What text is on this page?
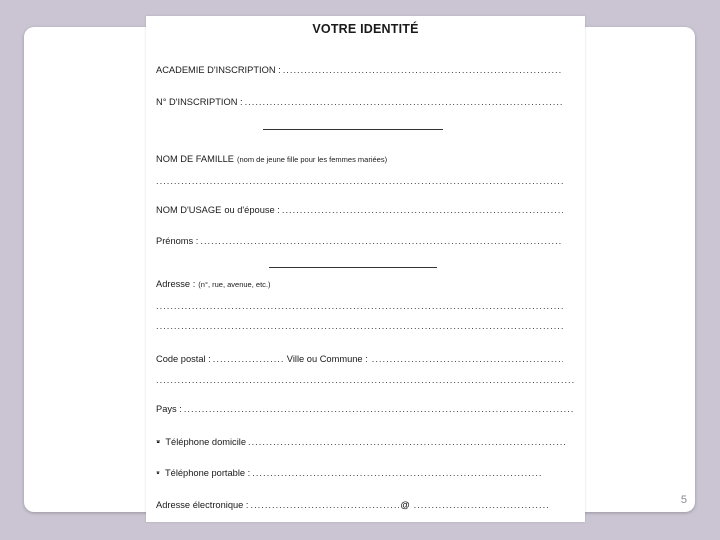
5
VOTRE IDENTITÉ
ACADEMIE D'INSCRIPTION :
.....
N° D'INSCRIPTION :
.....
NOM DE FAMILLE (nom de jeune fille pour les femmes mariées)
.....
NOM D'USAGE ou d'épouse :
.....
Prénoms :
.....
Adresse : (n°, rue, avenue, etc.)
.....
.....
Code postal : .....	Ville ou Commune :
.....
.....
Pays :
.....
Téléphone domicile
.....
Téléphone portable :
.....
Adresse électronique : .....	@
.....
